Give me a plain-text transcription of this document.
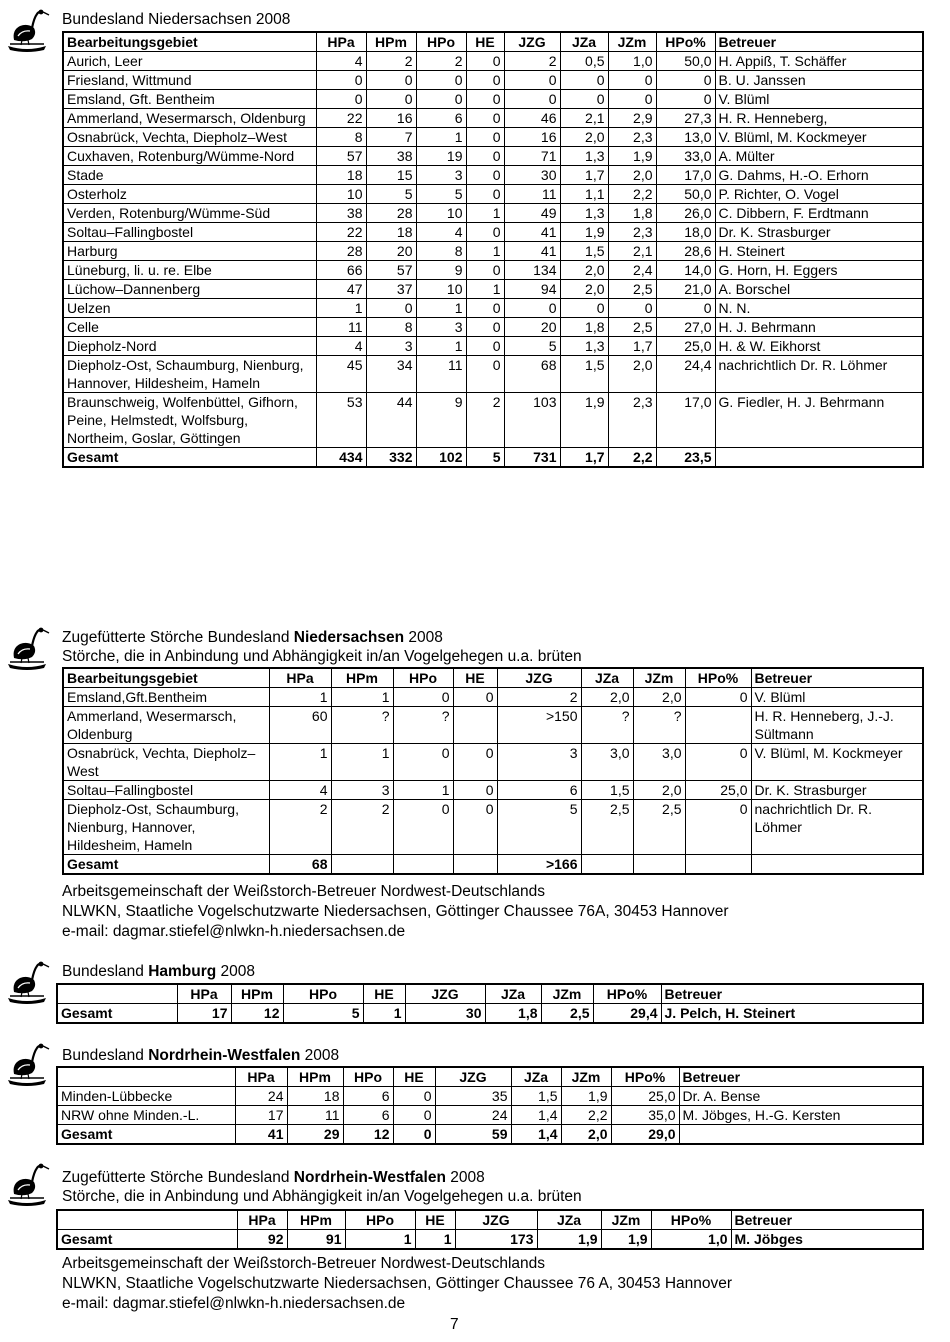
Bundesland Niedersachsen 2008
Bearbeitungsgebiet	HPa	HPm	HPo	HE	JZG	JZa	JZm	HPo%	Betreuer
Aurich, Leer	4	2	2	0	2	0,5	1,0	50,0	H. Appiß, T. Schäffer
Friesland, Wittmund	0	0	0	0	0	0	0	0	B. U. Janssen
Emsland, Gft. Bentheim	0	0	0	0	0	0	0	0	V. Blüml
Ammerland, Wesermarsch, Oldenburg	22	16	6	0	46	2,1	2,9	27,3	H. R. Henneberg,
Osnabrück, Vechta, Diepholz–West	8	7	1	0	16	2,0	2,3	13,0	V. Blüml, M. Kockmeyer
Cuxhaven, Rotenburg/Wümme-Nord	57	38	19	0	71	1,3	1,9	33,0	A. Mülter
Stade	18	15	3	0	30	1,7	2,0	17,0	G. Dahms, H.-O. Erhorn
Osterholz	10	5	5	0	11	1,1	2,2	50,0	P. Richter, O. Vogel
Verden, Rotenburg/Wümme-Süd	38	28	10	1	49	1,3	1,8	26,0	C. Dibbern, F. Erdtmann
Soltau–Fallingbostel	22	18	4	0	41	1,9	2,3	18,0	Dr. K. Strasburger
Harburg	28	20	8	1	41	1,5	2,1	28,6	H. Steinert
Lüneburg, li. u. re. Elbe	66	57	9	0	134	2,0	2,4	14,0	G. Horn, H. Eggers
Lüchow–Dannenberg	47	37	10	1	94	2,0	2,5	21,0	A. Borschel
Uelzen	1	0	1	0	0	0	0	0	N. N.
Celle	11	8	3	0	20	1,8	2,5	27,0	H. J. Behrmann
Diepholz-Nord	4	3	1	0	5	1,3	1,7	25,0	H. & W. Eikhorst
Diepholz-Ost, Schaumburg, Nienburg, Hannover, Hildesheim, Hameln	45	34	11	0	68	1,5	2,0	24,4	nachrichtlich Dr. R. Löhmer
Braunschweig, Wolfenbüttel, Gifhorn, Peine, Helmstedt, Wolfsburg, Northeim, Goslar, Göttingen	53	44	9	2	103	1,9	2,3	17,0	G. Fiedler, H. J. Behrmann
Gesamt	434	332	102	5	731	1,7	2,2	23,5	
Zugefütterte Störche Bundesland Niedersachsen 2008
Störche, die in Anbindung und Abhängigkeit in/an Vogelgehegen u.a. brüten
Bearbeitungsgebiet	HPa	HPm	HPo	HE	JZG	JZa	JZm	HPo%	Betreuer
Emsland,Gft.Bentheim	1	1	0	0	2	2,0	2,0	0	V. Blüml
Ammerland, Wesermarsch, Oldenburg	60	?	?		>150	?	?		H. R. Henneberg, J.-J. Sültmann
Osnabrück, Vechta, Diepholz–West	1	1	0	0	3	3,0	3,0	0	V. Blüml, M. Kockmeyer
Soltau–Fallingbostel	4	3	1	0	6	1,5	2,0	25,0	Dr. K. Strasburger
Diepholz-Ost, Schaumburg, Nienburg, Hannover, Hildesheim, Hameln	2	2	0	0	5	2,5	2,5	0	nachrichtlich Dr. R. Löhmer
Gesamt	68				>166				
Arbeitsgemeinschaft der Weißstorch-Betreuer Nordwest-Deutschlands
NLWKN, Staatliche Vogelschutzwarte Niedersachsen, Göttinger Chaussee 76A, 30453 Hannover
e-mail: dagmar.stiefel@nlwkn-h.niedersachsen.de
Bundesland Hamburg 2008
	HPa	HPm	HPo	HE	JZG	JZa	JZm	HPo%	Betreuer
Gesamt	17	12	5	1	30	1,8	2,5	29,4	J. Pelch, H. Steinert
Bundesland Nordrhein-Westfalen 2008
	HPa	HPm	HPo	HE	JZG	JZa	JZm	HPo%	Betreuer
Minden-Lübbecke	24	18	6	0	35	1,5	1,9	25,0	Dr. A. Bense
NRW ohne Minden.-L.	17	11	6	0	24	1,4	2,2	35,0	M. Jöbges, H.-G. Kersten
Gesamt	41	29	12	0	59	1,4	2,0	29,0	
Zugefütterte Störche Bundesland Nordrhein-Westfalen 2008
Störche, die in Anbindung und Abhängigkeit in/an Vogelgehegen u.a. brüten
	HPa	HPm	HPo	HE	JZG	JZa	JZm	HPo%	Betreuer
Gesamt	92	91	1	1	173	1,9	1,9	1,0	M. Jöbges
Arbeitsgemeinschaft der Weißstorch-Betreuer Nordwest-Deutschlands
NLWKN, Staatliche Vogelschutzwarte Niedersachsen, Göttinger Chaussee 76 A, 30453 Hannover
e-mail: dagmar.stiefel@nlwkn-h.niedersachsen.de
7
